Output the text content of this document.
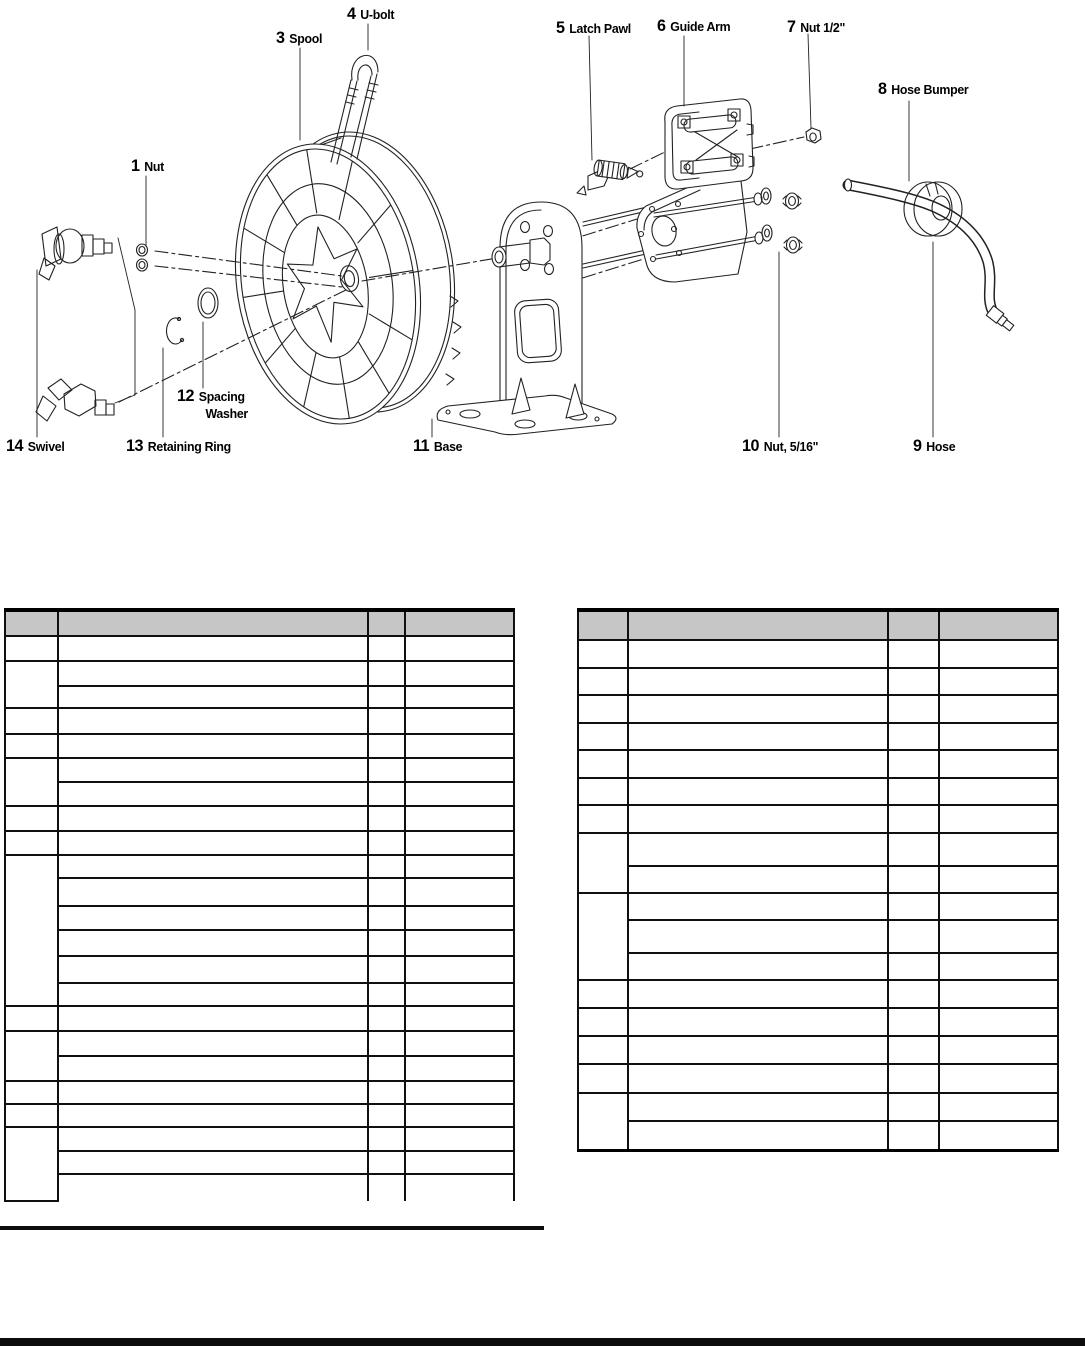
1 Nut
3 Spool
4 U-bolt
5 Latch Pawl 6 Guide Arm	7 Nut 1/2"
8 Hose Bumper
9 Hose
10 Nut, 5/16"
11 Base
12 Spacing
Washer
13 Retaining Ring
14 Swivel
